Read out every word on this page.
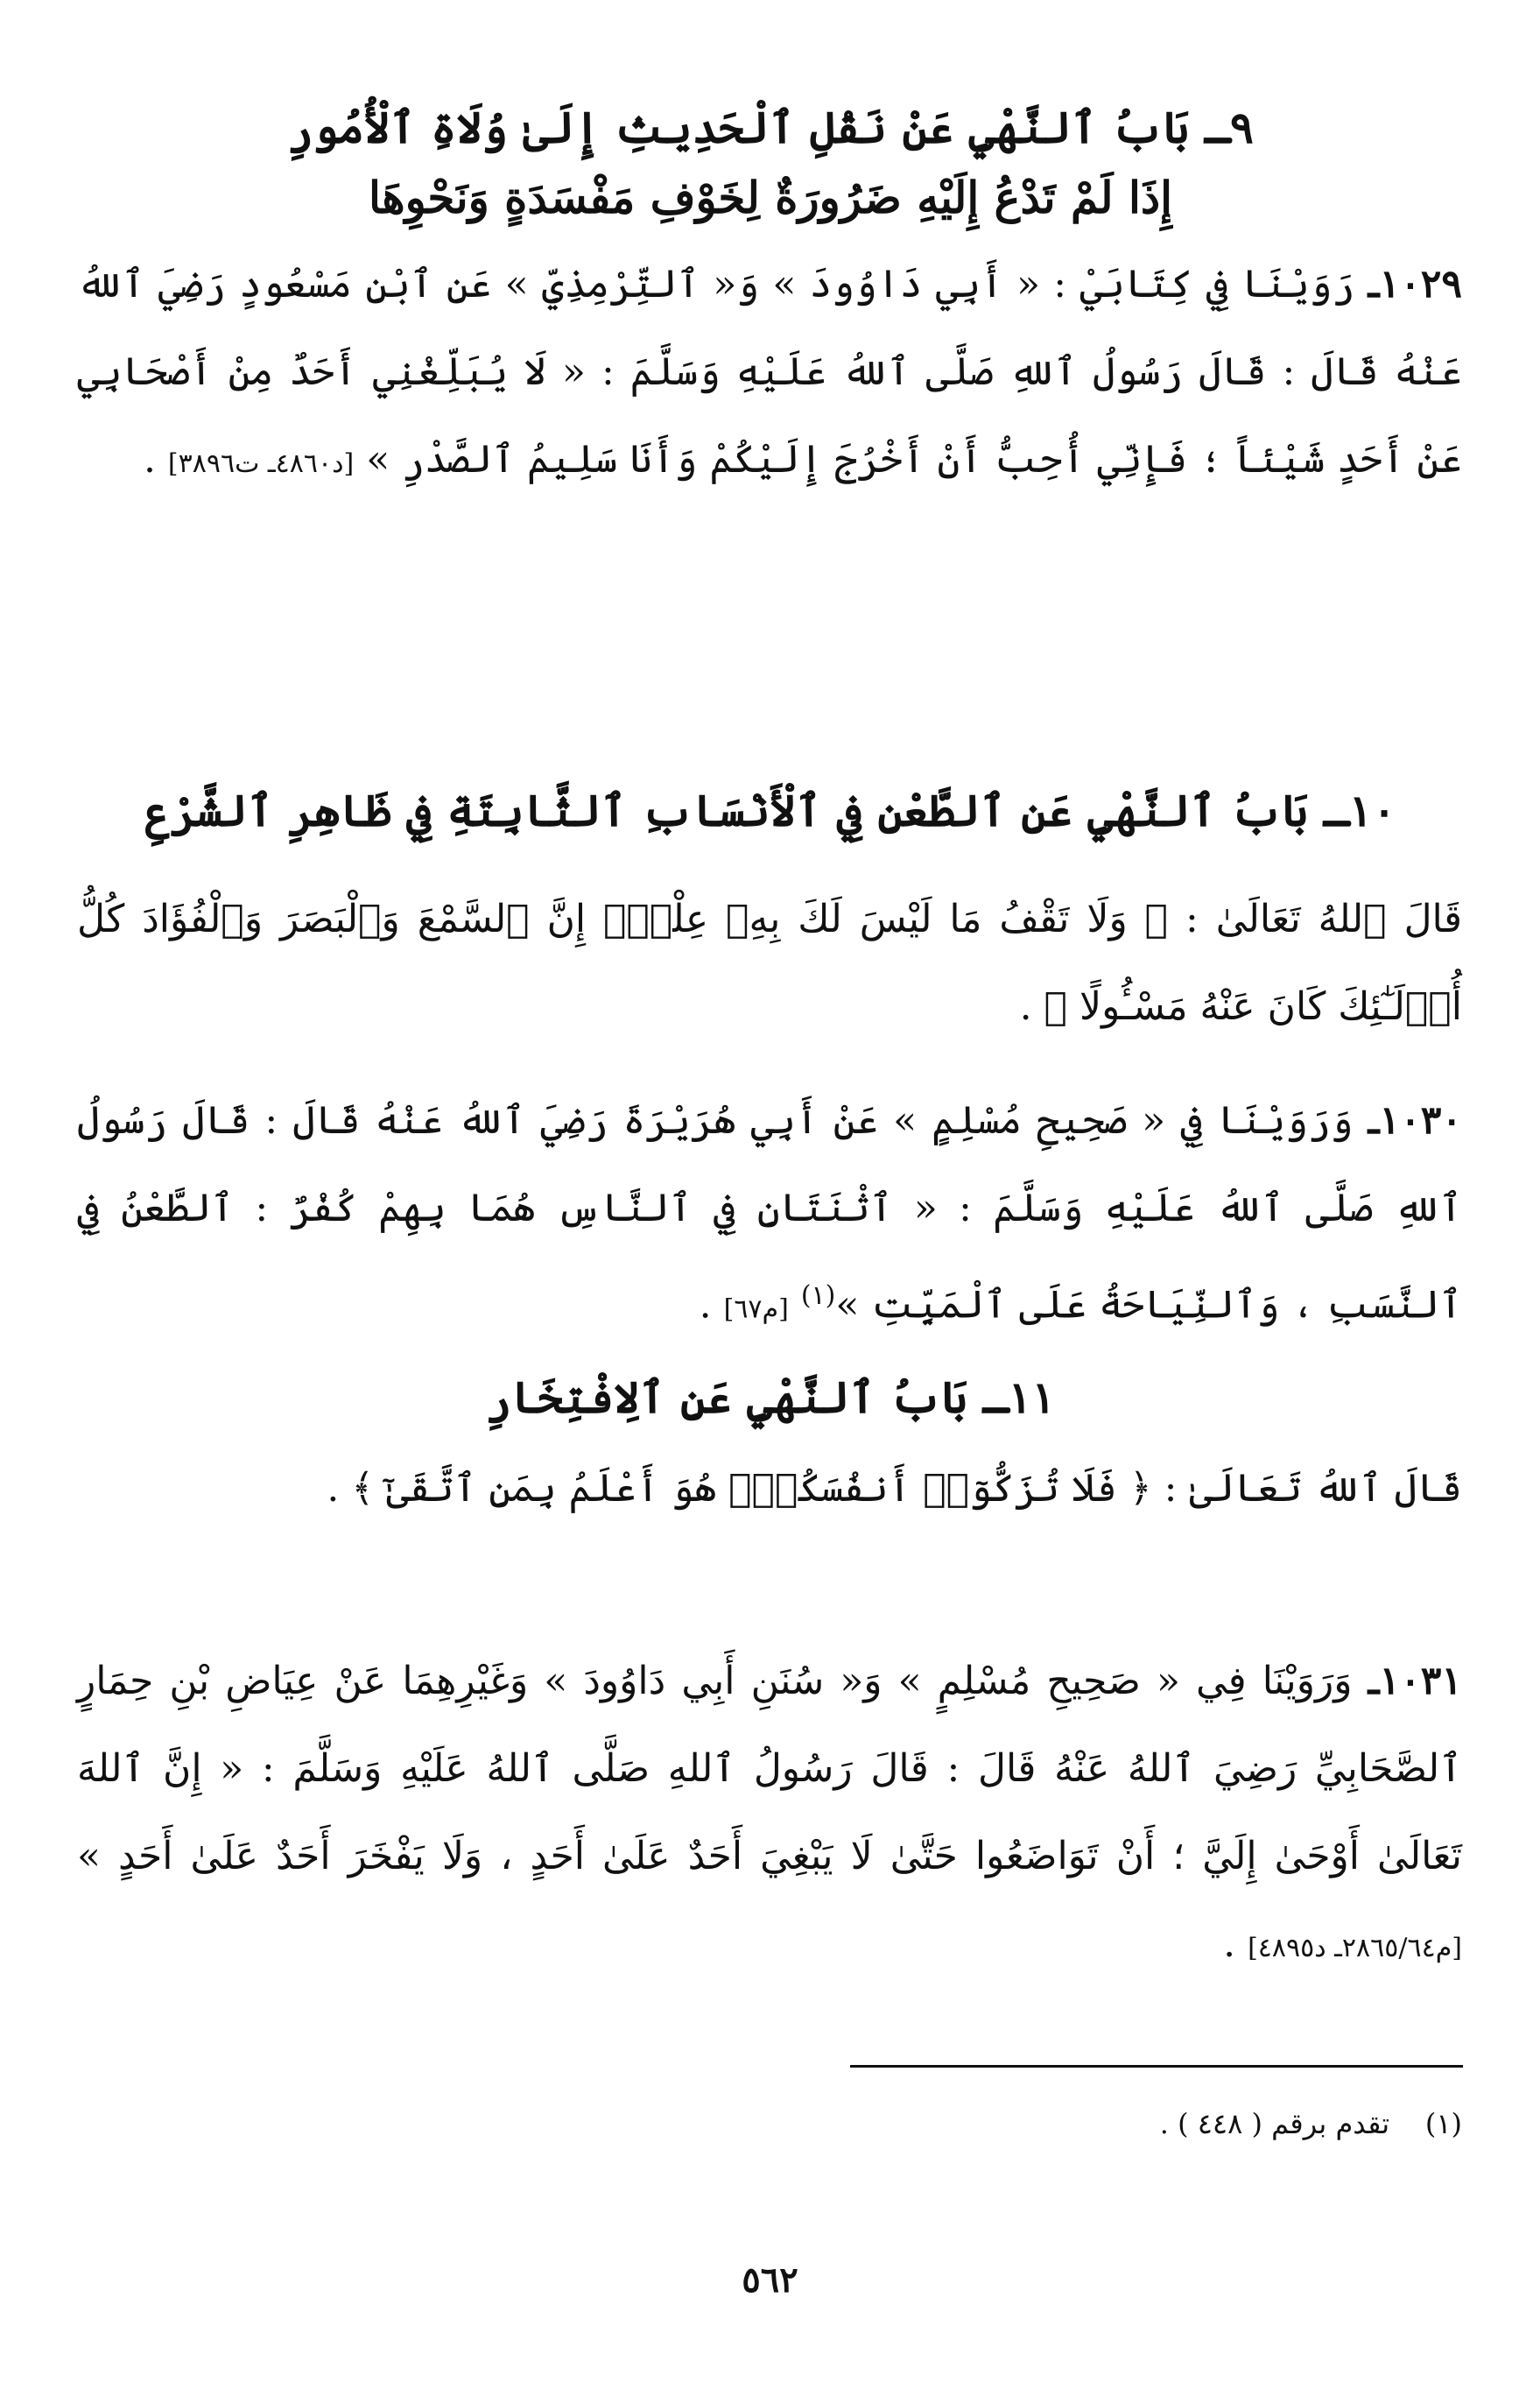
٩ـ بَابُ ٱلنَّهْيِ عَنْ نَقْلِ ٱلْحَدِيثِ إِلَىٰ وُلَاةِ ٱلْأُمُورِ
إِذَا لَمْ تَدْعُ إِلَيْهِ ضَرُورَةٌ لِخَوْفِ مَفْسَدَةٍ وَنَحْوِهَا
١٠٢٩ـ رَوَيْنَا فِي كِتَابَيْ : « أَبِي دَاوُودَ » وَ« ٱلتِّرْمِذِيِّ » عَنِ ٱبْنِ مَسْعُودٍ رَضِيَ ٱللهُ عَنْهُ قَالَ : قَالَ رَسُولُ ٱللهِ صَلَّى ٱللهُ عَلَيْهِ وَسَلَّمَ : « لَا يُبَلِّغْنِي أَحَدٌ مِنْ أَصْحَابِي عَنْ أَحَدٍ شَيْئاً ؛ فَإِنِّي أُحِبُّ أَنْ أَخْرُجَ إِلَيْكُمْ وَأَنَا سَلِيمُ ٱلصَّدْرِ » [د٤٨٦٠ـ ت٣٨٩٦] .
١٠ـ بَابُ ٱلنَّهْيِ عَنِ ٱلطَّعْنِ فِي ٱلْأَنْسَابِ ٱلثَّابِتَةِ فِي ظَاهِرِ ٱلشَّرْعِ
قَالَ ٱللهُ تَعَالَىٰ : ﴿ وَلَا تَقْفُ مَا لَيْسَ لَكَ بِهِۦ عِلْمٌۚ إِنَّ ٱلسَّمْعَ وَٱلْبَصَرَ وَٱلْفُؤَادَ كُلُّ أُو۟لَـٰٓئِكَ كَانَ عَنْهُ مَسْـُٔولًا ﴾ .
١٠٣٠ـ وَرَوَيْنَا فِي « صَحِيحِ مُسْلِمٍ » عَنْ أَبِي هُرَيْرَةَ رَضِيَ ٱللهُ عَنْهُ قَالَ : قَالَ رَسُولُ ٱللهِ صَلَّى ٱللهُ عَلَيْهِ وَسَلَّمَ : « ٱثْنَتَانِ فِي ٱلنَّاسِ هُمَا بِهِمْ كُفْرٌ : ٱلطَّعْنُ فِي ٱلنَّسَبِ ، وَٱلنِّيَاحَةُ عَلَى ٱلْمَيِّتِ »$^{(١)}$ [م٦٧] .
١١ـ بَابُ ٱلنَّهْيِ عَنِ ٱلِافْتِخَارِ
قَالَ ٱللهُ تَعَالَىٰ : ﴿ فَلَا تُزَكُّوٓا۟ أَنفُسَكُمْۖ هُوَ أَعْلَمُ بِمَنِ ٱتَّقَىٰٓ ﴾ .
١٠٣١ـ وَرَوَيْنَا فِي « صَحِيحِ مُسْلِمٍ » وَ« سُنَنِ أَبِي دَاوُودَ » وَغَيْرِهِمَا عَنْ عِيَاضِ بْنِ حِمَارٍ ٱلصَّحَابِيِّ رَضِيَ ٱللهُ عَنْهُ قَالَ : قَالَ رَسُولُ ٱللهِ صَلَّى ٱللهُ عَلَيْهِ وَسَلَّمَ : « إِنَّ ٱللهَ تَعَالَىٰ أَوْحَىٰ إِلَيَّ ؛ أَنْ تَوَاضَعُوا حَتَّىٰ لَا يَبْغِيَ أَحَدٌ عَلَىٰ أَحَدٍ ، وَلَا يَفْخَرَ أَحَدٌ عَلَىٰ أَحَدٍ » [م٢٨٦٥/٦٤ـ د٤٨٩٥] .
(١)    تقدم برقم ( ٤٤٨ ) .
٥٦٢
